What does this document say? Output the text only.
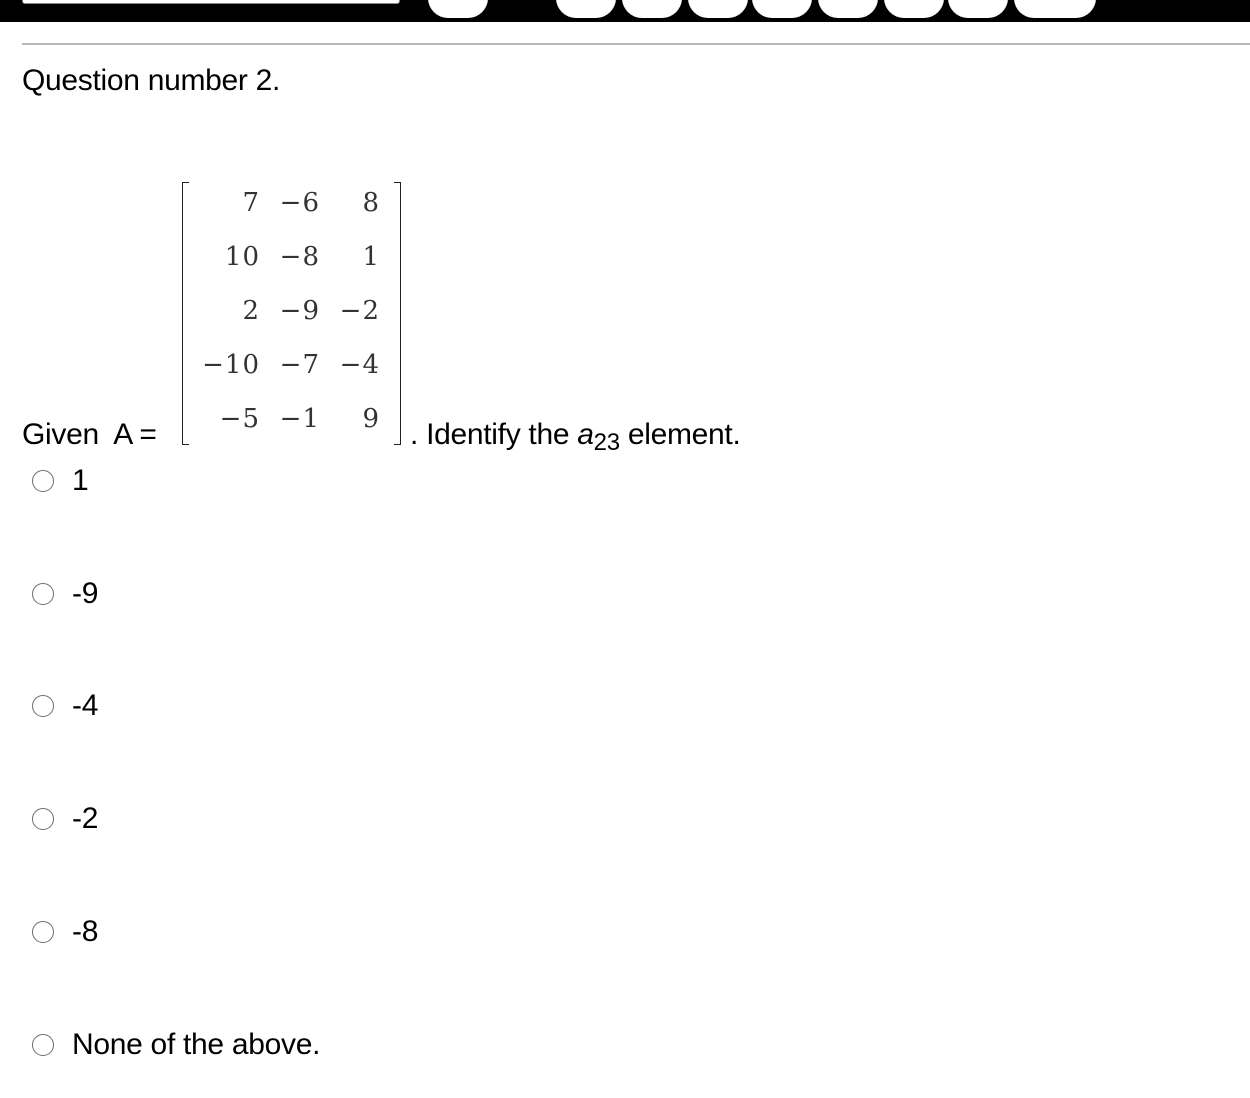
Question number 2.
7 −6	8
10 −8	1
2 −9 −2
−10 −7 −4
−5 −1	9
Given  A =	. Identify the $a_{23}$ element.
1
-9
-4
-2
-8
None of the above.
